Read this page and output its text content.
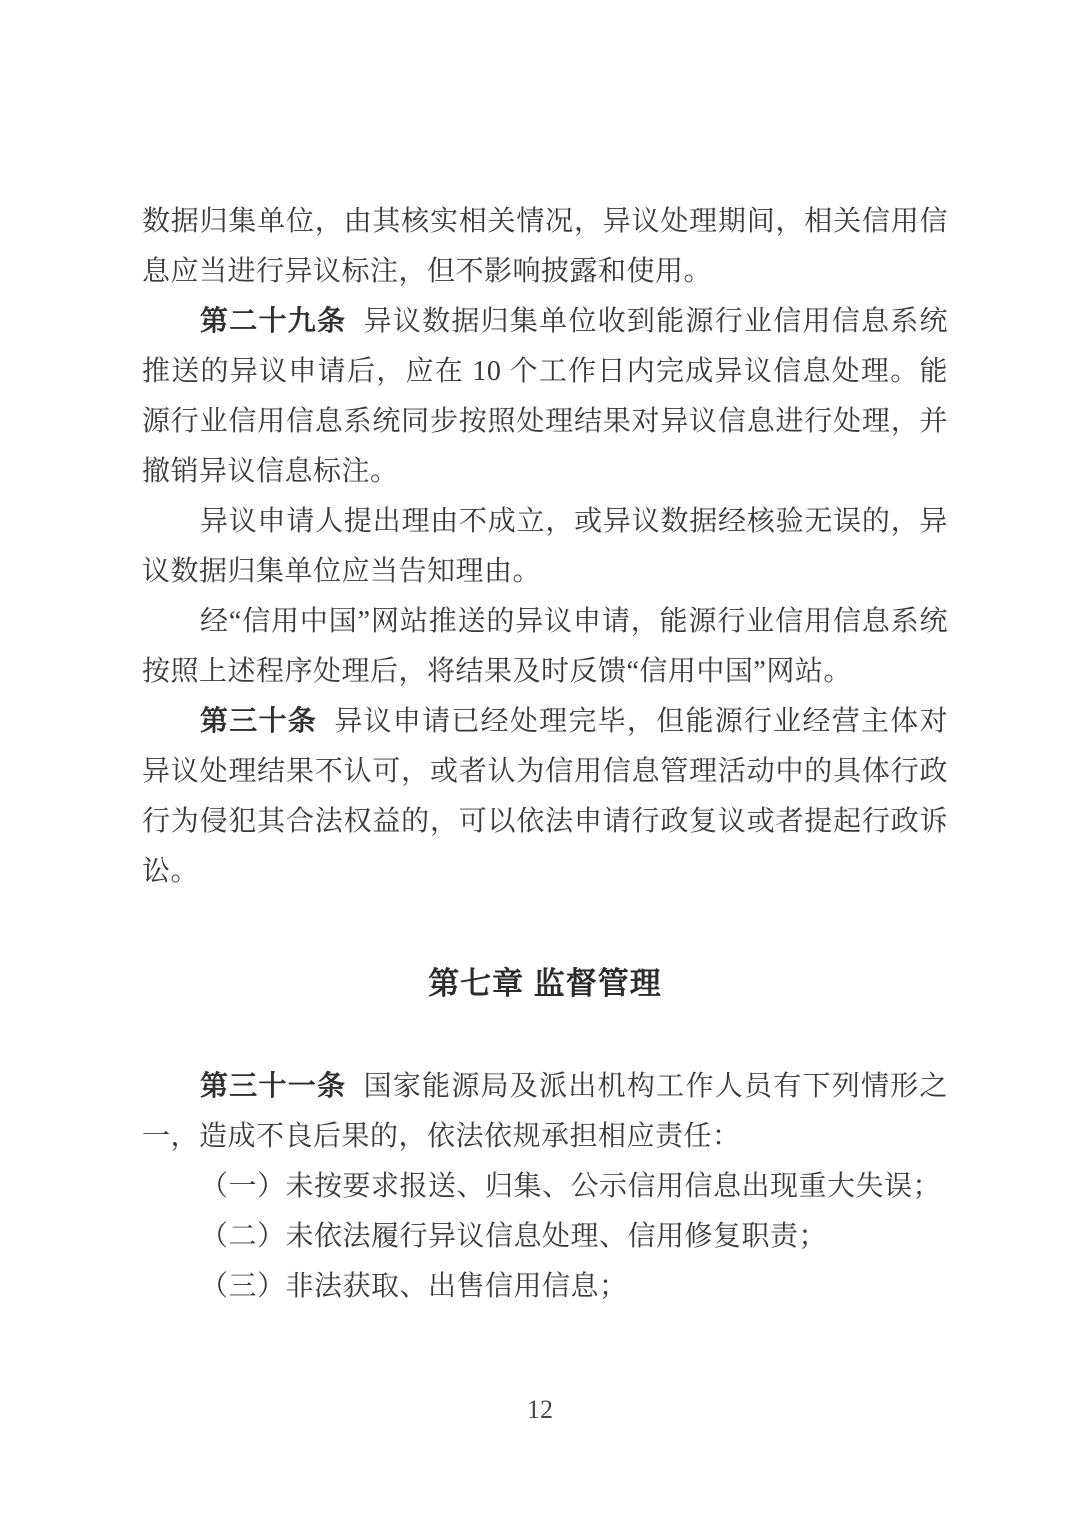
数据归集单位，由其核实相关情况，异议处理期间，相关信用信息应当进行异议标注，但不影响披露和使用。

第二十九条 异议数据归集单位收到能源行业信用信息系统推送的异议申请后，应在 10 个工作日内完成异议信息处理。能源行业信用信息系统同步按照处理结果对异议信息进行处理，并撤销异议信息标注。

异议申请人提出理由不成立，或异议数据经核验无误的，异议数据归集单位应当告知理由。

经“信用中国”网站推送的异议申请，能源行业信用信息系统按照上述程序处理后，将结果及时反馈“信用中国”网站。

第三十条 异议申请已经处理完毕，但能源行业经营主体对异议处理结果不认可，或者认为信用信息管理活动中的具体行政行为侵犯其合法权益的，可以依法申请行政复议或者提起行政诉讼。

第七章 监督管理

第三十一条 国家能源局及派出机构工作人员有下列情形之一，造成不良后果的，依法依规承担相应责任：

（一）未按要求报送、归集、公示信用信息出现重大失误；

（二）未依法履行异议信息处理、信用修复职责；

（三）非法获取、出售信用信息；

12
